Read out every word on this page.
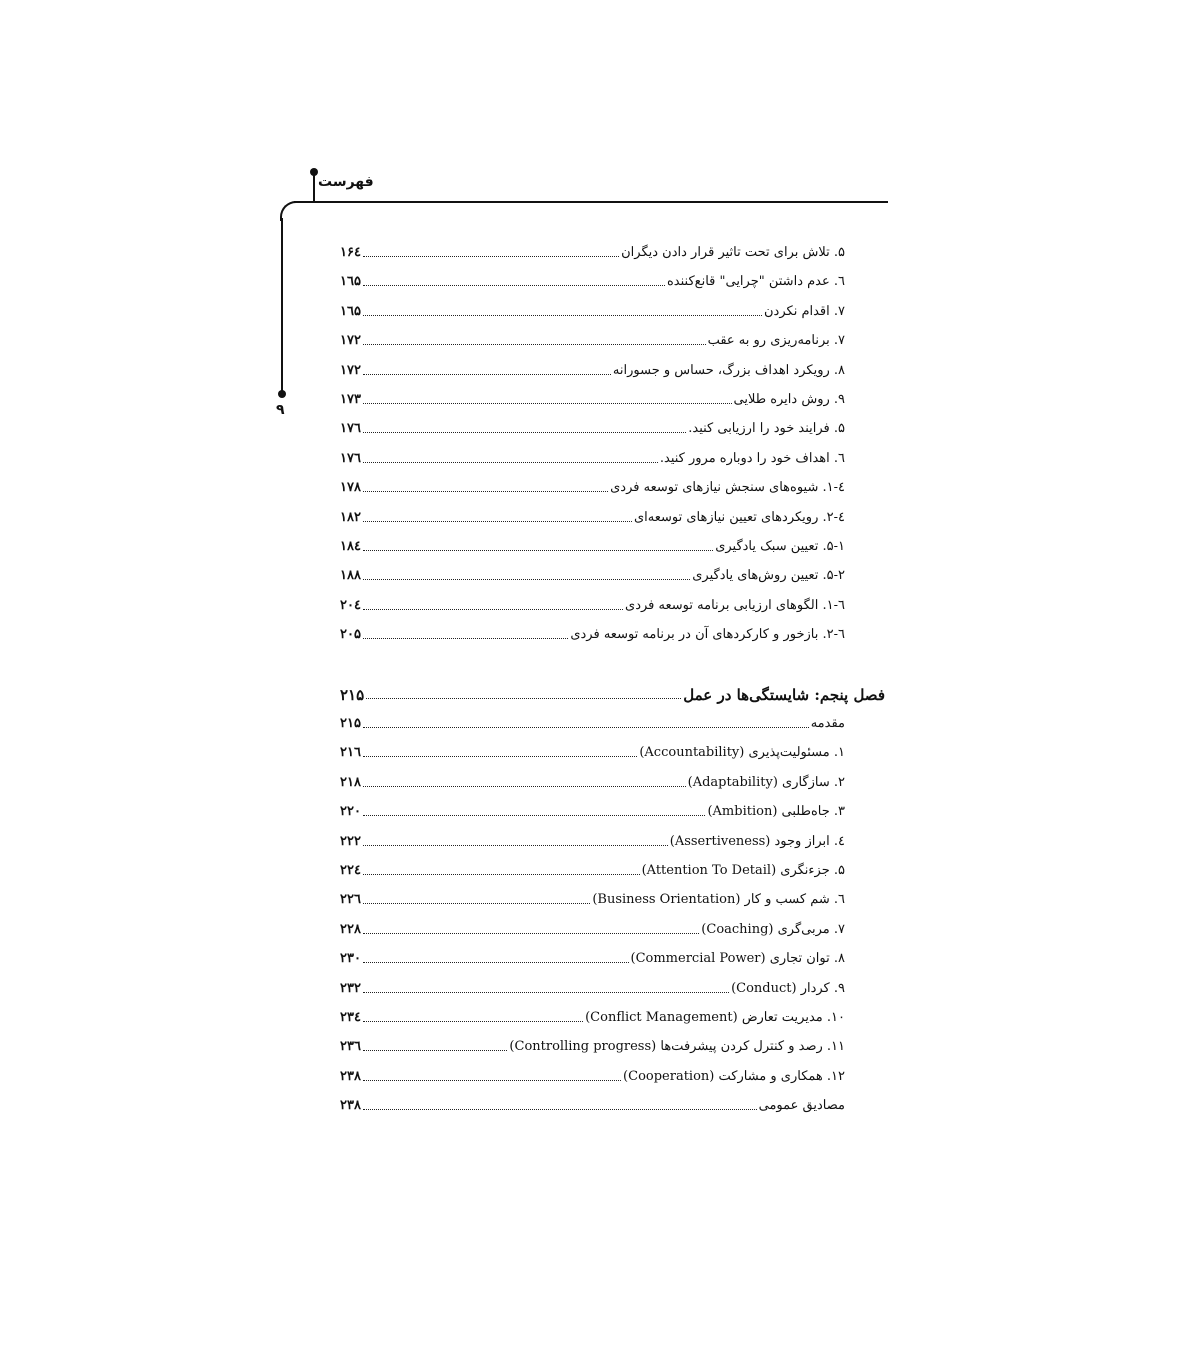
فهرست
۹
۵. تلاش برای تحت تاثیر قرار دادن دیگران
۱۶٤
٦. عدم داشتن "چرایی" قانع‌کننده
۱٦۵
۷. اقدام نکردن
۱٦۵
۷. برنامه‌ریزی رو به عقب
۱۷۲
۸. رویکرد اهداف بزرگ، حساس و جسورانه
۱۷۲
۹. روش دایره طلایی
۱۷۳
۵. فرایند خود را ارزیابی کنید.
۱۷٦
٦. اهداف خود را دوباره مرور کنید.
۱۷٦
٤-۱. شیوه‌های سنجش نیازهای توسعه فردی
۱۷۸
٤-۲. رویکردهای تعیین نیازهای توسعه‌ای
۱۸۲
۵-۱. تعیین سبک یادگیری
۱۸٤
۵-۲. تعیین روش‌های یادگیری
۱۸۸
٦-۱. الگوهای ارزیابی برنامه توسعه فردی
۲۰٤
٦-۲. بازخور و کارکردهای آن در برنامه توسعه فردی
۲۰۵
فصل پنجم: شایستگی‌ها در عمل
۲۱۵
مقدمه
۲۱۵
۱. مسئولیت‌پذیری (Accountability)
۲۱٦
۲. سازگاری (Adaptability)
۲۱۸
۳. جاه‌طلبی (Ambition)
۲۲۰
٤. ابراز وجود (Assertiveness)
۲۲۲
۵. جزءنگری (Attention To Detail)
۲۲٤
٦. شم کسب و کار (Business Orientation)
۲۲٦
۷. مربی‌گری (Coaching)
۲۲۸
۸. توان تجاری (Commercial Power)
۲۳۰
۹. کردار (Conduct)
۲۳۲
۱۰. مدیریت تعارض (Conflict Management)
۲۳٤
۱۱. رصد و کنترل کردن پیشرفت‌ها (Controlling progress)
۲۳٦
۱۲. همکاری و مشارکت (Cooperation)
۲۳۸
مصادیق عمومی
۲۳۸
